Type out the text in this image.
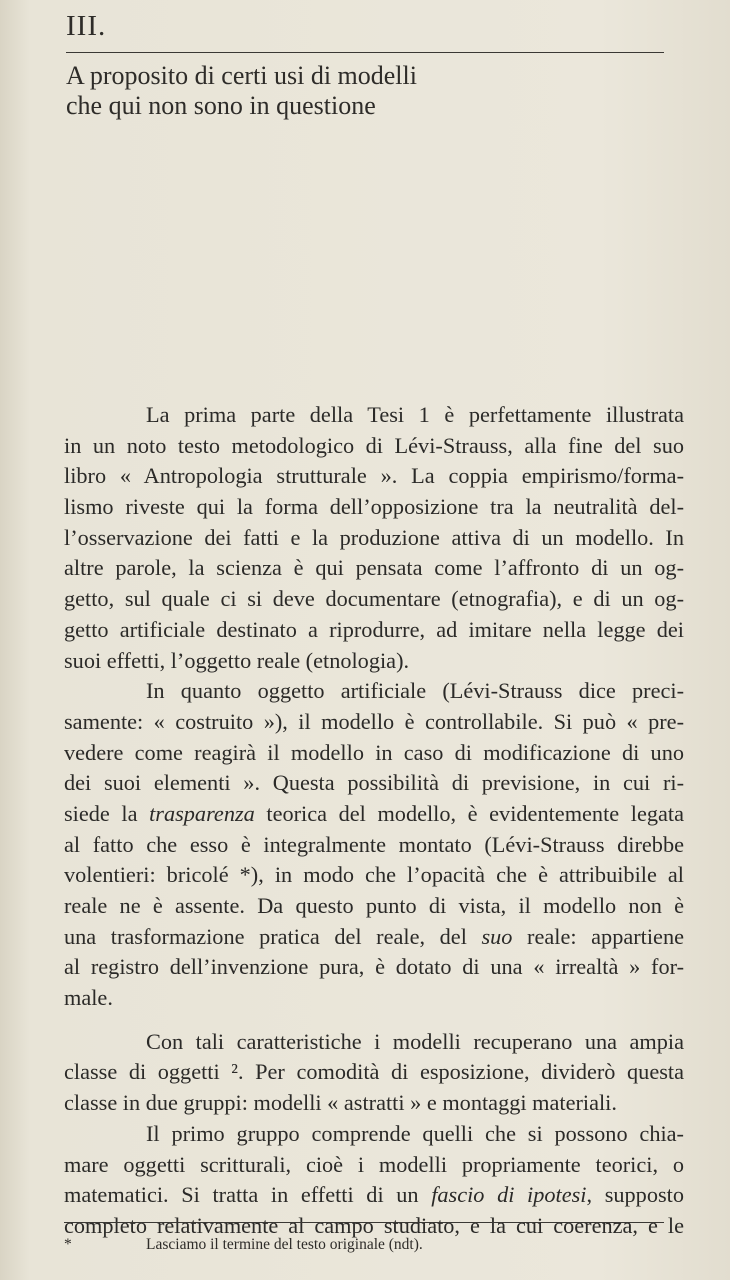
III.
A proposito di certi usi di modelli
che qui non sono in questione
La prima parte della Tesi 1 è perfettamente illustrata
in un noto testo metodologico di Lévi-Strauss, alla fine del suo
libro « Antropologia strutturale ». La coppia empirismo/forma-
lismo riveste qui la forma dell’opposizione tra la neutralità del-
l’osservazione dei fatti e la produzione attiva di un modello. In
altre parole, la scienza è qui pensata come l’affronto di un og-
getto, sul quale ci si deve documentare (etnografia), e di un og-
getto artificiale destinato a riprodurre, ad imitare nella legge dei
suoi effetti, l’oggetto reale (etnologia).
In quanto oggetto artificiale (Lévi-Strauss dice preci-
samente: « costruito »), il modello è controllabile. Si può « pre-
vedere come reagirà il modello in caso di modificazione di uno
dei suoi elementi ». Questa possibilità di previsione, in cui ri-
siede la trasparenza teorica del modello, è evidentemente legata
al fatto che esso è integralmente montato (Lévi-Strauss direbbe
volentieri: bricolé *), in modo che l’opacità che è attribuibile al
reale ne è assente. Da questo punto di vista, il modello non è
una trasformazione pratica del reale, del suo reale: appartiene
al registro dell’invenzione pura, è dotato di una « irrealtà » for-
male.
Con tali caratteristiche i modelli recuperano una ampia
classe di oggetti ². Per comodità di esposizione, dividerò questa
classe in due gruppi: modelli « astratti » e montaggi materiali.
Il primo gruppo comprende quelli che si possono chia-
mare oggetti scritturali, cioè i modelli propriamente teorici, o
matematici. Si tratta in effetti di un fascio di ipotesi, supposto
completo relativamente al campo studiato, e la cui coerenza, e le
*	Lasciamo il termine del testo originale (ndt).
